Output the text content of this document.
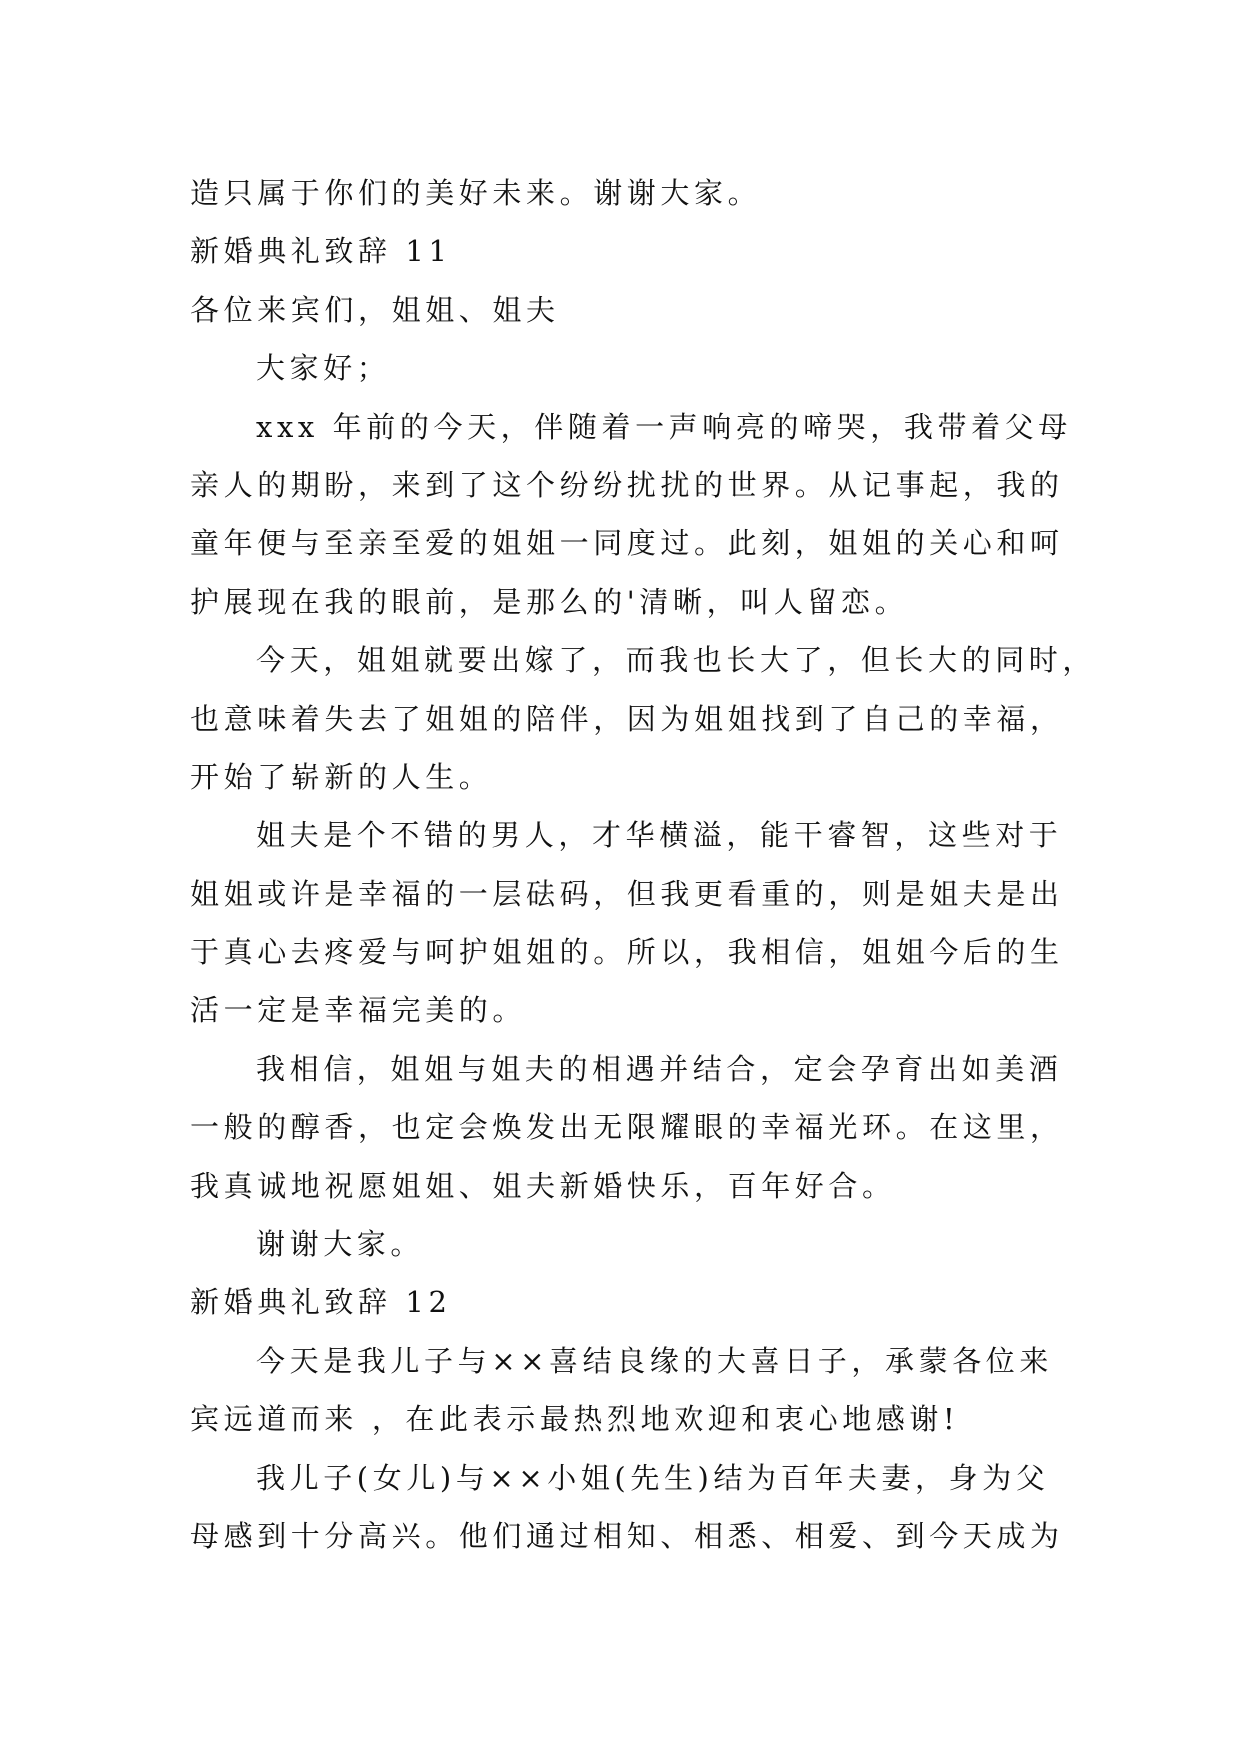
造只属于你们的美好未来。谢谢大家。
新婚典礼致辞 11
各位来宾们，姐姐、姐夫
大家好；
xxx 年前的今天，伴随着一声响亮的啼哭，我带着父母
亲人的期盼，来到了这个纷纷扰扰的世界。从记事起，我的
童年便与至亲至爱的姐姐一同度过。此刻，姐姐的关心和呵
护展现在我的眼前，是那么的'清晰，叫人留恋。
今天，姐姐就要出嫁了，而我也长大了，但长大的同时，
也意味着失去了姐姐的陪伴，因为姐姐找到了自己的幸福，
开始了崭新的人生。
姐夫是个不错的男人，才华横溢，能干睿智，这些对于
姐姐或许是幸福的一层砝码，但我更看重的，则是姐夫是出
于真心去疼爱与呵护姐姐的。所以，我相信，姐姐今后的生
活一定是幸福完美的。
我相信，姐姐与姐夫的相遇并结合，定会孕育出如美酒
一般的醇香，也定会焕发出无限耀眼的幸福光环。在这里，
我真诚地祝愿姐姐、姐夫新婚快乐，百年好合。
谢谢大家。
新婚典礼致辞 12
今天是我儿子与××喜结良缘的大喜日子，承蒙各位来
宾远道而来 ，在此表示最热烈地欢迎和衷心地感谢!
我儿子(女儿)与××小姐(先生)结为百年夫妻，身为父
母感到十分高兴。他们通过相知、相悉、相爱、到今天成为
